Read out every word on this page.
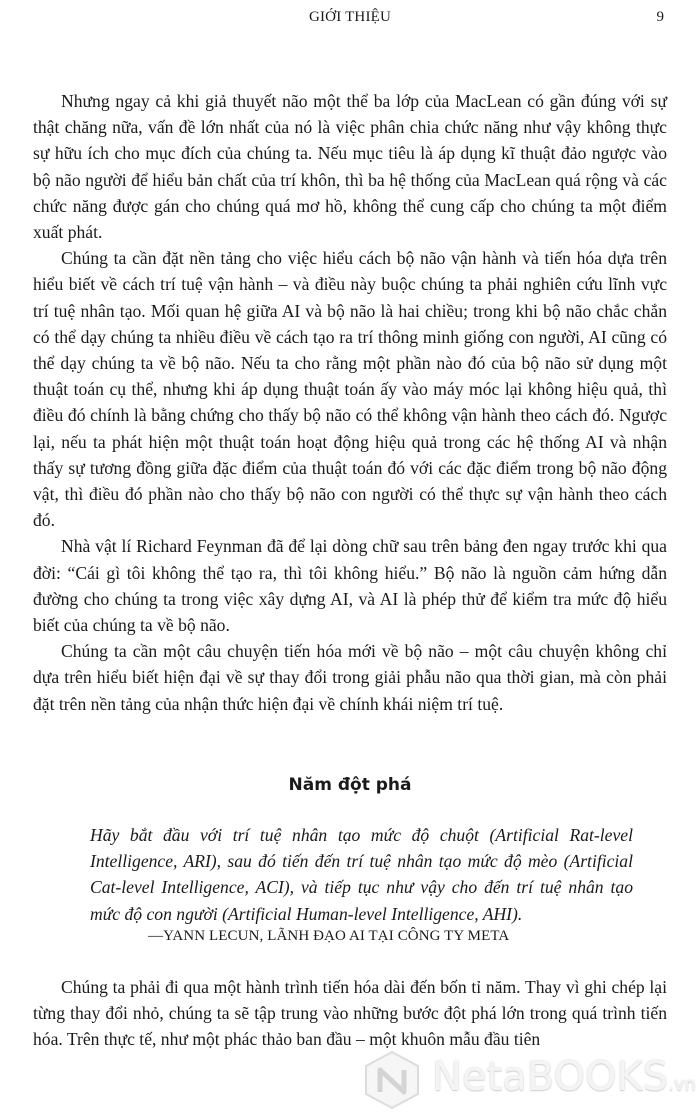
GIỚI THIỆU	9

Nhưng ngay cả khi giả thuyết não một thể ba lớp của MacLean có gần đúng với sự thật chăng nữa, vấn đề lớn nhất của nó là việc phân chia chức năng như vậy không thực sự hữu ích cho mục đích của chúng ta. Nếu mục tiêu là áp dụng kĩ thuật đảo ngược vào bộ não người để hiểu bản chất của trí khôn, thì ba hệ thống của MacLean quá rộng và các chức năng được gán cho chúng quá mơ hồ, không thể cung cấp cho chúng ta một điểm xuất phát.

Chúng ta cần đặt nền tảng cho việc hiểu cách bộ não vận hành và tiến hóa dựa trên hiểu biết về cách trí tuệ vận hành – và điều này buộc chúng ta phải nghiên cứu lĩnh vực trí tuệ nhân tạo. Mối quan hệ giữa AI và bộ não là hai chiều; trong khi bộ não chắc chắn có thể dạy chúng ta nhiều điều về cách tạo ra trí thông minh giống con người, AI cũng có thể dạy chúng ta về bộ não. Nếu ta cho rằng một phần nào đó của bộ não sử dụng một thuật toán cụ thể, nhưng khi áp dụng thuật toán ấy vào máy móc lại không hiệu quả, thì điều đó chính là bằng chứng cho thấy bộ não có thể không vận hành theo cách đó. Ngược lại, nếu ta phát hiện một thuật toán hoạt động hiệu quả trong các hệ thống AI và nhận thấy sự tương đồng giữa đặc điểm của thuật toán đó với các đặc điểm trong bộ não động vật, thì điều đó phần nào cho thấy bộ não con người có thể thực sự vận hành theo cách đó.

Nhà vật lí Richard Feynman đã để lại dòng chữ sau trên bảng đen ngay trước khi qua đời: “Cái gì tôi không thể tạo ra, thì tôi không hiểu.” Bộ não là nguồn cảm hứng dẫn đường cho chúng ta trong việc xây dựng AI, và AI là phép thử để kiểm tra mức độ hiểu biết của chúng ta về bộ não.

Chúng ta cần một câu chuyện tiến hóa mới về bộ não – một câu chuyện không chỉ dựa trên hiểu biết hiện đại về sự thay đổi trong giải phẫu não qua thời gian, mà còn phải đặt trên nền tảng của nhận thức hiện đại về chính khái niệm trí tuệ.

Năm đột phá
Hãy bắt đầu với trí tuệ nhân tạo mức độ chuột (Artificial Rat-level Intelligence, ARI), sau đó tiến đến trí tuệ nhân tạo mức độ mèo (Artificial Cat-level Intelligence, ACI), và tiếp tục như vậy cho đến trí tuệ nhân tạo mức độ con người (Artificial Human-level Intelligence, AHI).
—YANN LECUN, LÃNH ĐẠO AI TẠI CÔNG TY META

Chúng ta phải đi qua một hành trình tiến hóa dài đến bốn tỉ năm. Thay vì ghi chép lại từng thay đổi nhỏ, chúng ta sẽ tập trung vào những bước đột phá lớn trong quá trình tiến hóa. Trên thực tế, như một phác thảo ban đầu – một khuôn mẫu đầu tiên

NetaBOOKS.vn
